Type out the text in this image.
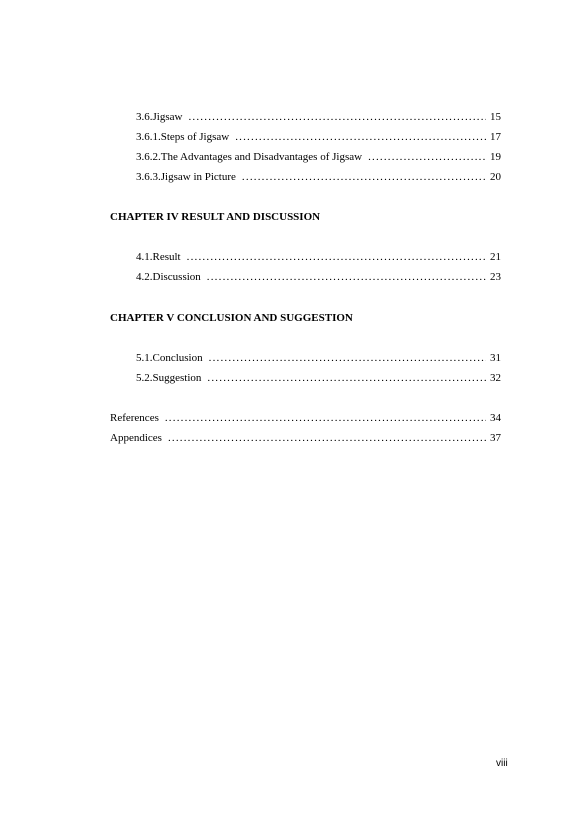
3.6. Jigsaw .....	15
3.6.1. Steps of Jigsaw .....	17
3.6.2. The Advantages and Disadvantages of Jigsaw .....	19
3.6.3. Jigsaw in Picture .....	20
CHAPTER IV RESULT AND DISCUSSION
4.1. Result .....	21
4.2. Discussion .....	23
CHAPTER V CONCLUSION AND SUGGESTION
5.1. Conclusion .....	31
5.2. Suggestion .....	32
References .....	34
Appendices .....	37
viii
